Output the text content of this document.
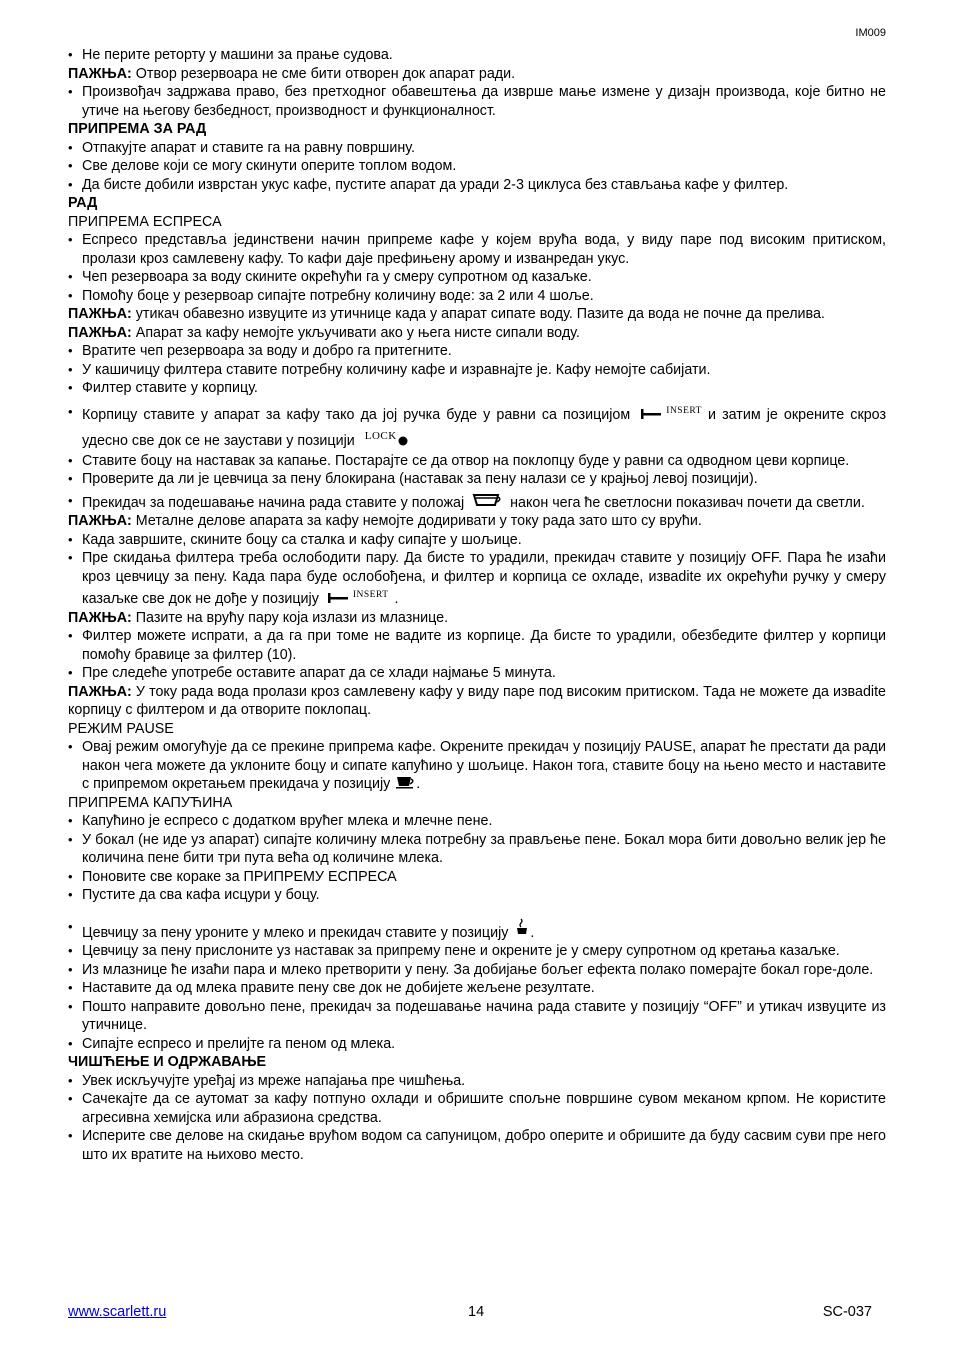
IM009

• Не перите реторту у машини за прање судова.

ПАЖЊА: Отвор резервоара не сме бити отворен док апарат ради.

• Произвођач задржава право, без претходног обавештења да изврше мање измене у дизајн производа, које битно не утиче на његову безбедност, производност и функционалност.

ПРИПРЕМА ЗА РАД

• Отпакујте апарат и ставите га на равну површину.

• Све делове који се могу скинути оперите топлом водом.

• Да бисте добили изврстан укус кафе, пустите апарат да уради 2-3 циклуса без стављања кафе у филтер.

РАД

ПРИПРЕМА ЕСПРЕСА

• Еспресо представља јединствени начин припреме кафе у којем врућа вода, у виду паре под високим притиском, пролази кроз самлевену кафу. То кафи даје префињену арому и изванредан укус.

• Чеп резервоара за воду скините окрећући га у смеру супротном од казаљке.

• Помоћу боце у резервоар сипајте потребну количину воде: за 2 или 4 шоље.

ПАЖЊА: утикач обавезно извуците из утичнице када у апарат сипате воду. Пазите да вода не почне да прелива.

ПАЖЊА: Апарат за кафу немојте укључивати ако у њега нисте сипали воду.

• Вратите чеп резервоара за воду и добро га притегните.

• У кашичицу филтера ставите потребну количину кафе и изравнајте је. Кафу немојте сабијати.

• Филтер ставите у корпицу.

• Корпицу ставите у апарат за кафу тако да јој ручка буде у равни са позицијом	$^{INSERT}$ и затим је окрените скроз удесно све док се не заустави у позицији $^{LOCK}$

• Ставите боцу на наставак за капање. Постарајте се да отвор на поклопцу буде у равни са одводном цеви корпице.

• Проверите да ли је цевчица за пену блокирана (наставак за пену налази се у крајњој левој позицији).

• Прекидач за подешавање начина рада ставите у положај	након чега ће светлосни показивач почети да светли.

ПАЖЊА: Металне делове апарата за кафу немојте додиривати у току рада зато што су врући.

• Када завршите, скините боцу са сталка и кафу сипајте у шољице.

• Пре скидања филтера треба ослободити пару. Да бисте то урадили, прекидач ставите у позицију OFF. Пара ће изаћи кроз цевчицу за пену. Када пара буде ослобођена, и филтер и корпица се охладе, изваdite их окрећући ручку у смеру казаљке све док не дође у позицију	$^{INSERT}$ .

ПАЖЊА: Пазите на врућу пару која излази из млазнице.

• Филтер можете испрати, а да га при томе не вадите из корпице. Да бисте то урадили, обезбедите филтер у корпици помоћу бравице за филтер (10).

• Пре следеће употребе оставите апарат да се хлади најмање 5 минута.

ПАЖЊА: У току рада вода пролази кроз самлевену кафу у виду паре под високим притиском. Тада не можете да изваdite корпицу с филтером и да отворите поклопац.

РЕЖИМ PAUSE

• Овај режим омогућује да се прекине припрема кафе. Окрените прекидач у позицију PAUSE, апарат ће престати да ради након чега можете да уклоните боцу и сипате капућино у шољице. Након тога, ставите боцу на њено место и наставите с припремом окретањем прекидача у позицију .

ПРИПРЕМА КАПУЋИНА

• Капућино је еспресо с додатком врућег млека и млечне пене.

• У бокал (не иде уз апарат) сипајте количину млека потребну за прављење пене. Бокал мора бити довољно велик јер ће количина пене бити три пута већа од количине млека.

• Поновите све кораке за ПРИПРЕМУ ЕСПРЕСА

• Пустите да сва кафа исцури у боцу.

• Цевчицу за пену уроните у млеко и прекидач ставите у позицију .

• Цевчицу за пену прислоните уз наставак за припрему пене и окрените је у смеру супротном од кретања казаљке.

• Из млазнице ће изаћи пара и млеко претворити у пену. За добијање бољег ефекта полако померајте бокал горе-доле.

• Наставите да од млека правите пену све док не добијете жељене резултате.

• Пошто направите довољно пене, прекидач за подешавање начина рада ставите у позицију “OFF” и утикач извуците из утичнице.

• Сипајте еспресо и прелијте га пеном од млека.

ЧИШЋЕЊЕ И ОДРЖАВАЊЕ

• Увек искључујте уређај из мреже напајања пре чишћења.

• Сачекајте да се аутомат за кафу потпуно охлади и обришите спољне површине сувом меканом крпом. Не користите агресивна хемијска или абразиона средства.

• Исперите све делове на скидање врућом водом са сапуницом, добро оперите и обришите да буду сасвим суви пре него што их вратите на њихово место.

www.scarlett.ru	14	SC-037
